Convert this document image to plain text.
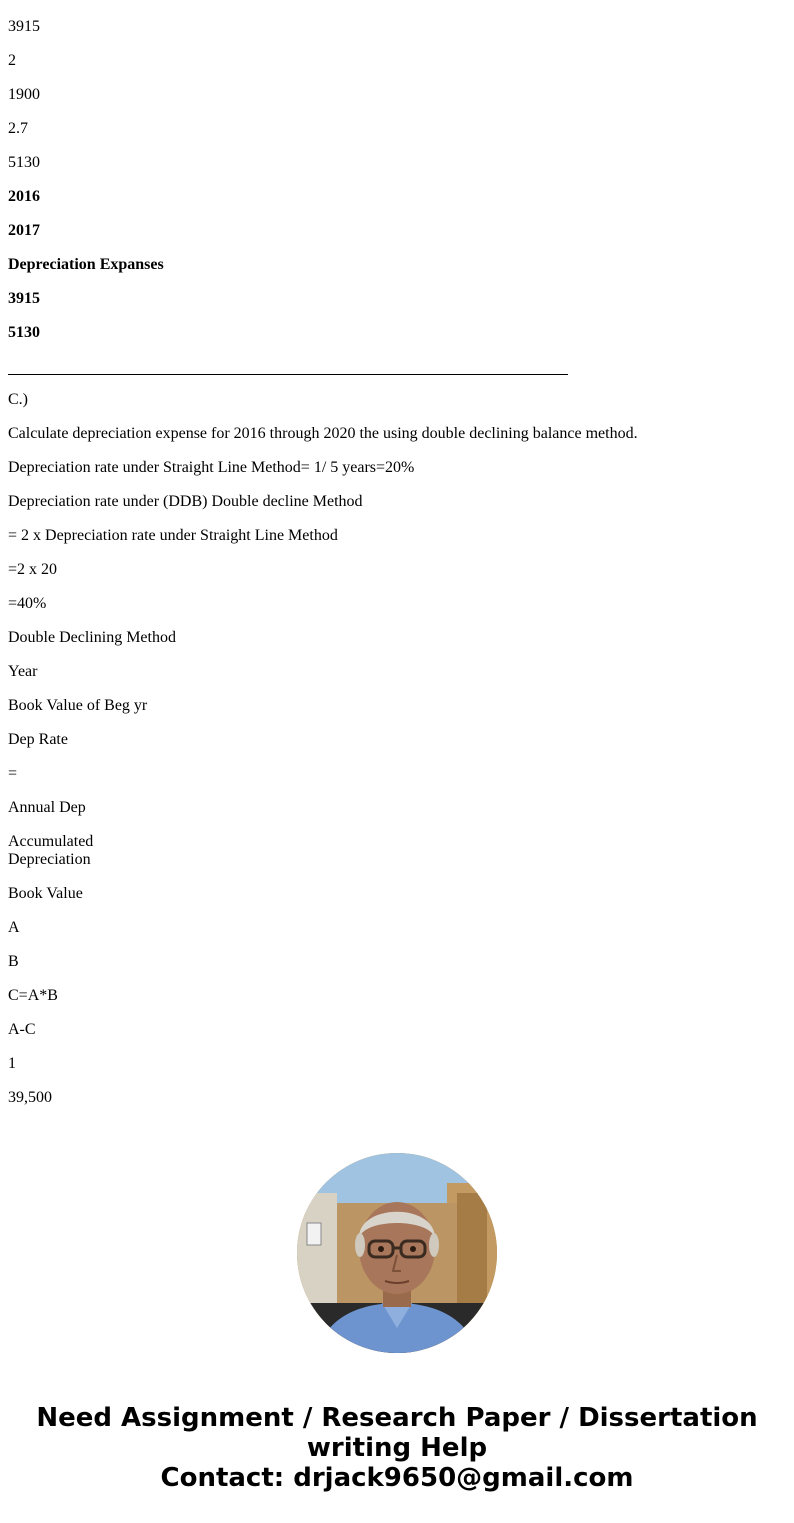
3915

2

1900

2.7

5130

2016

2017

Depreciation Expanses

3915

5130

C.)

Calculate depreciation expense for 2016 through 2020 the using double declining balance method.

Depreciation rate under Straight Line Method= 1/ 5 years=20%

Depreciation rate under (DDB) Double decline Method

= 2 x Depreciation rate under Straight Line Method

=2 x 20

=40%

Double Declining Method

Year

Book Value of Beg yr

Dep Rate

=

Annual Dep

Accumulated
Depreciation

Book Value

A

B

C=A*B

A-C

1

39,500

Need Assignment / Research Paper / Dissertation
writing Help
Contact: drjack9650@gmail.com
